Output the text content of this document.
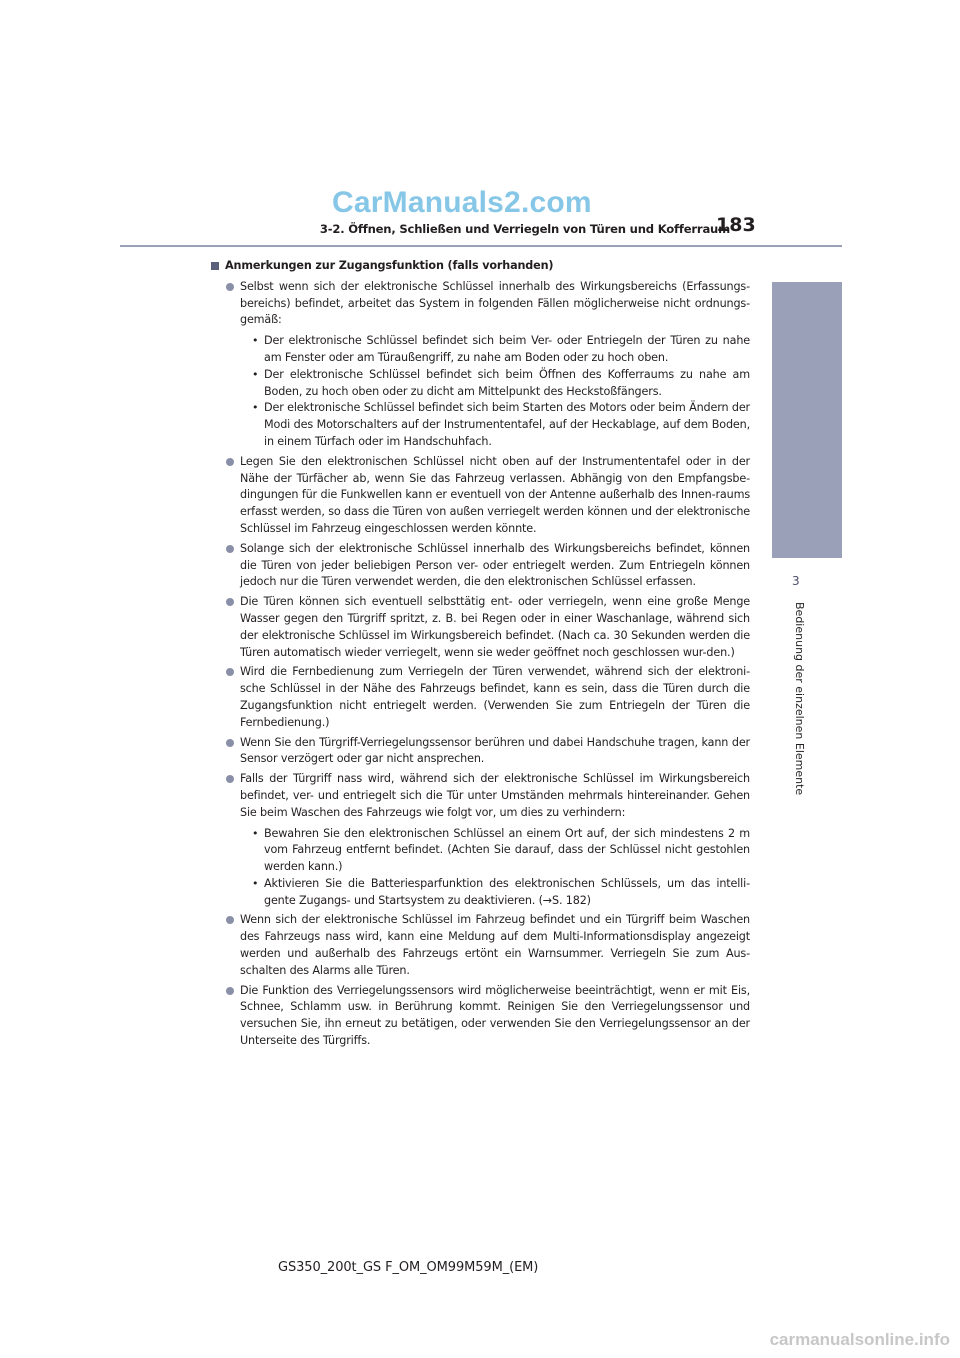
CarManuals2.com
3-2. Öffnen, Schließen und Verriegeln von Türen und Kofferraum
183
3
Bedienung der einzelnen Elemente
Anmerkungen zur Zugangsfunktion (falls vorhanden)
Selbst wenn sich der elektronische Schlüssel innerhalb des Wirkungsbereichs (Erfassungs-bereichs) befindet, arbeitet das System in folgenden Fällen möglicherweise nicht ordnungs-gemäß:
• Der elektronische Schlüssel befindet sich beim Ver- oder Entriegeln der Türen zu nahe am Fenster oder am Türaußengriff, zu nahe am Boden oder zu hoch oben.
• Der elektronische Schlüssel befindet sich beim Öffnen des Kofferraums zu nahe am Boden, zu hoch oben oder zu dicht am Mittelpunkt des Heckstoßfängers.
• Der elektronische Schlüssel befindet sich beim Starten des Motors oder beim Ändern der Modi des Motorschalters auf der Instrumententafel, auf der Heckablage, auf dem Boden, in einem Türfach oder im Handschuhfach.
Legen Sie den elektronischen Schlüssel nicht oben auf der Instrumententafel oder in der Nähe der Türfächer ab, wenn Sie das Fahrzeug verlassen. Abhängig von den Empfangsbe-dingungen für die Funkwellen kann er eventuell von der Antenne außerhalb des Innen-raums erfasst werden, so dass die Türen von außen verriegelt werden können und der elektronische Schlüssel im Fahrzeug eingeschlossen werden könnte.
Solange sich der elektronische Schlüssel innerhalb des Wirkungsbereichs befindet, können die Türen von jeder beliebigen Person ver- oder entriegelt werden. Zum Entriegeln können jedoch nur die Türen verwendet werden, die den elektronischen Schlüssel erfassen.
Die Türen können sich eventuell selbsttätig ent- oder verriegeln, wenn eine große Menge Wasser gegen den Türgriff spritzt, z. B. bei Regen oder in einer Waschanlage, während sich der elektronische Schlüssel im Wirkungsbereich befindet. (Nach ca. 30 Sekunden werden die Türen automatisch wieder verriegelt, wenn sie weder geöffnet noch geschlossen wur-den.)
Wird die Fernbedienung zum Verriegeln der Türen verwendet, während sich der elektroni-sche Schlüssel in der Nähe des Fahrzeugs befindet, kann es sein, dass die Türen durch die Zugangsfunktion nicht entriegelt werden. (Verwenden Sie zum Entriegeln der Türen die Fernbedienung.)
Wenn Sie den Türgriff-Verriegelungssensor berühren und dabei Handschuhe tragen, kann der Sensor verzögert oder gar nicht ansprechen.
Falls der Türgriff nass wird, während sich der elektronische Schlüssel im Wirkungsbereich befindet, ver- und entriegelt sich die Tür unter Umständen mehrmals hintereinander. Gehen Sie beim Waschen des Fahrzeugs wie folgt vor, um dies zu verhindern:
• Bewahren Sie den elektronischen Schlüssel an einem Ort auf, der sich mindestens 2 m vom Fahrzeug entfernt befindet. (Achten Sie darauf, dass der Schlüssel nicht gestohlen werden kann.)
• Aktivieren Sie die Batteriesparfunktion des elektronischen Schlüssels, um das intelli-gente Zugangs- und Startsystem zu deaktivieren. (→S. 182)
Wenn sich der elektronische Schlüssel im Fahrzeug befindet und ein Türgriff beim Waschen des Fahrzeugs nass wird, kann eine Meldung auf dem Multi-Informationsdisplay angezeigt werden und außerhalb des Fahrzeugs ertönt ein Warnsummer. Verriegeln Sie zum Aus-schalten des Alarms alle Türen.
Die Funktion des Verriegelungssensors wird möglicherweise beeinträchtigt, wenn er mit Eis, Schnee, Schlamm usw. in Berührung kommt. Reinigen Sie den Verriegelungssensor und versuchen Sie, ihn erneut zu betätigen, oder verwenden Sie den Verriegelungssensor an der Unterseite des Türgriffs.
GS350_200t_GS F_OM_OM99M59M_(EM)
carmanualsonline.info
